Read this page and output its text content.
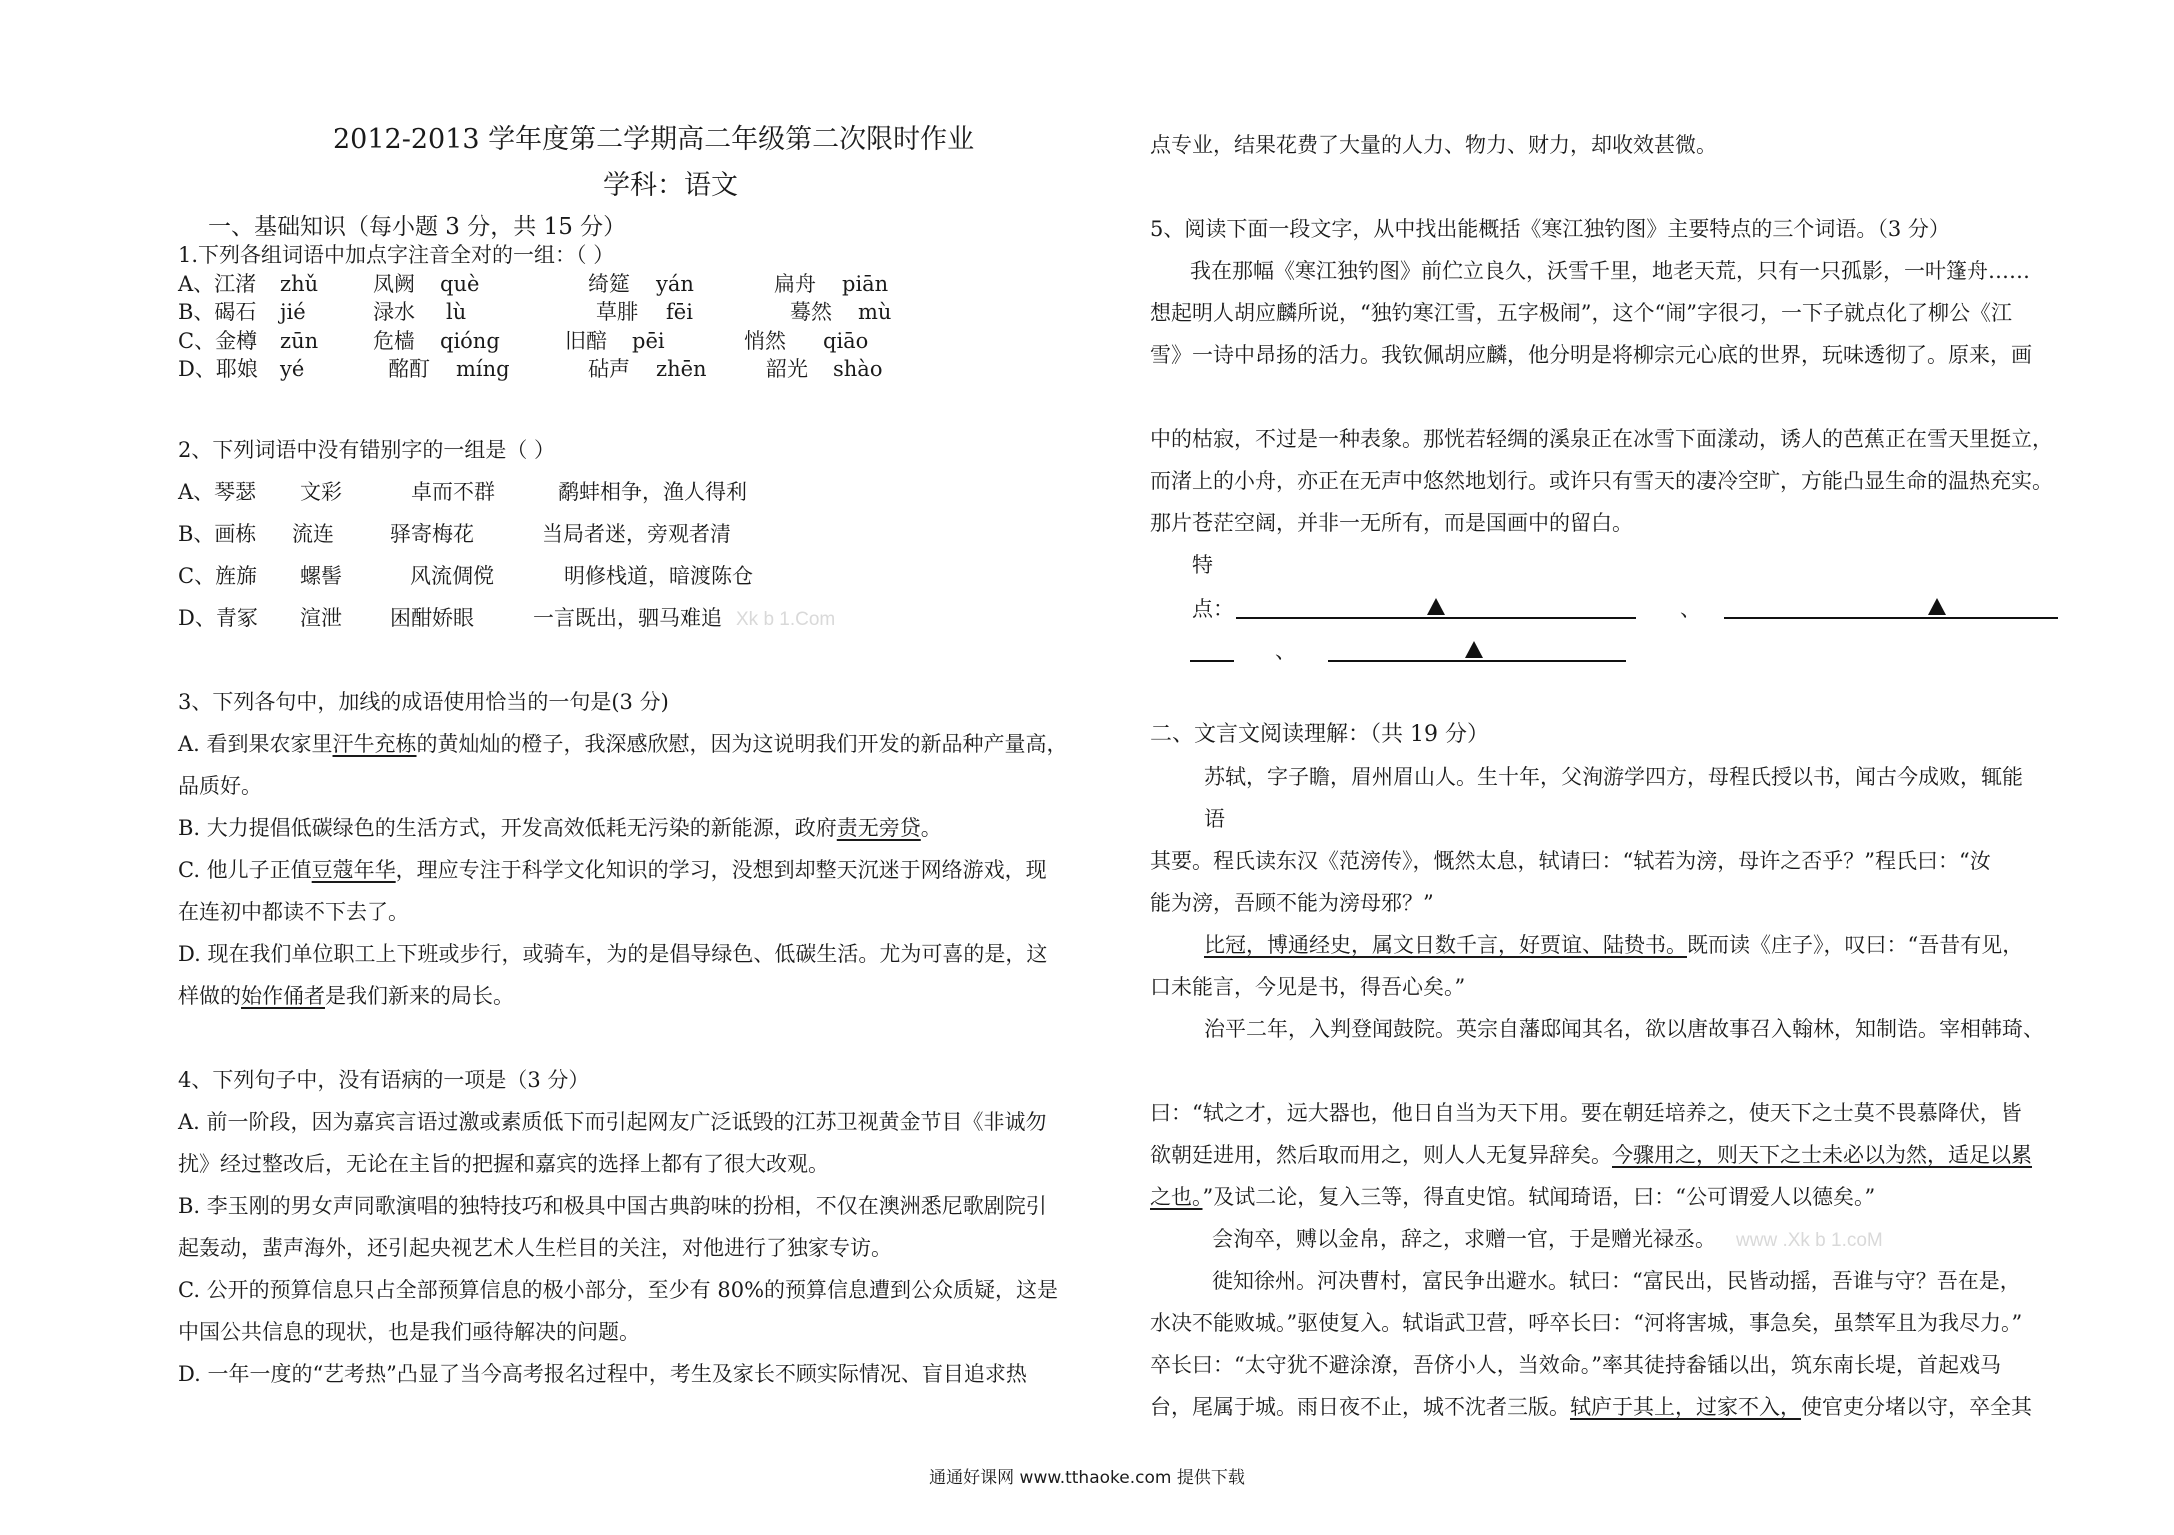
2012-2013 学年度第二学期高二年级第二次限时作业
学科：语文
一、基础知识（每小题 3 分，共 15 分）
1.下列各组词语中加点字注音全对的一组：（ ）
A、江渚 zhǔ	凤阙 què	绮筵 yán	扁舟 piān
B、碣石 jié	渌水 lù	草腓 fēi	蓦然 mù
C、金樽 zūn	危樯 qióng	旧醅 pēi	悄然 qiāo
D、耶娘 yé	酩酊 míng	砧声 zhēn	韶光 shào
2、下列词语中没有错别字的一组是（ ）
A、琴瑟 文彩	卓而不群	鹬蚌相争，渔人得利
B、画栋 流连	驿寄梅花	当局者迷，旁观者清
C、旌旆 螺髻	风流倜傥	明修栈道，暗渡陈仓
D、青冢 渲泄 困酣娇眼	一言既出，驷马难追 Xk b 1.Com
3、下列各句中，加线的成语使用恰当的一句是(3 分)
A. 看到果农家里汗牛充栋的黄灿灿的橙子，我深感欣慰，因为这说明我们开发的新品种产量高，
品质好。
B. 大力提倡低碳绿色的生活方式，开发高效低耗无污染的新能源，政府责无旁贷。
C. 他儿子正值豆蔻年华，理应专注于科学文化知识的学习，没想到却整天沉迷于网络游戏，现
在连初中都读不下去了。
D. 现在我们单位职工上下班或步行，或骑车，为的是倡导绿色、低碳生活。尤为可喜的是，这
样做的始作俑者是我们新来的局长。
4、下列句子中，没有语病的一项是（3 分）
A. 前一阶段，因为嘉宾言语过激或素质低下而引起网友广泛诋毁的江苏卫视黄金节目《非诚勿
扰》经过整改后，无论在主旨的把握和嘉宾的选择上都有了很大改观。
B. 李玉刚的男女声同歌演唱的独特技巧和极具中国古典韵味的扮相，不仅在澳洲悉尼歌剧院引
起轰动，蜚声海外，还引起央视艺术人生栏目的关注，对他进行了独家专访。
C. 公开的预算信息只占全部预算信息的极小部分，至少有 80%的预算信息遭到公众质疑，这是
中国公共信息的现状，也是我们亟待解决的问题。
D. 一年一度的“艺考热”凸显了当今高考报名过程中，考生及家长不顾实际情况、盲目追求热
点专业，结果花费了大量的人力、物力、财力，却收效甚微。
5、阅读下面一段文字，从中找出能概括《寒江独钓图》主要特点的三个词语。（3 分）
我在那幅《寒江独钓图》前伫立良久，沃雪千里，地老天荒，只有一只孤影，一叶篷舟……
想起明人胡应麟所说，“独钓寒江雪，五字极闹”，这个“闹”字很刁，一下子就点化了柳公《江
雪》一诗中昂扬的活力。我钦佩胡应麟，他分明是将柳宗元心底的世界，玩味透彻了。原来，画
中的枯寂，不过是一种表象。那恍若轻绸的溪泉正在冰雪下面漾动，诱人的芭蕉正在雪天里挺立，
而渚上的小舟，亦正在无声中悠然地划行。或许只有雪天的凄冷空旷，方能凸显生命的温热充实。
那片苍茫空阔，并非一无所有，而是国画中的留白。
特
点：	、
、
二、文言文阅读理解：（共 19 分）
苏轼，字子瞻，眉州眉山人。生十年，父洵游学四方，母程氏授以书，闻古今成败，辄能
语
其要。程氏读东汉《范滂传》，慨然太息，轼请曰：“轼若为滂，母许之否乎？”程氏曰：“汝
能为滂，吾顾不能为滂母邪？”
比冠，博通经史，属文日数千言，好贾谊、陆贽书。既而读《庄子》，叹曰：“吾昔有见，
口未能言，今见是书，得吾心矣。”
治平二年，入判登闻鼓院。英宗自藩邸闻其名，欲以唐故事召入翰林，知制诰。宰相韩琦、
曰：“轼之才，远大器也，他日自当为天下用。要在朝廷培养之，使天下之士莫不畏慕降伏，皆
欲朝廷进用，然后取而用之，则人人无复异辞矣。今骤用之，则天下之士未必以为然，适足以累
之也。”及试二论，复入三等，得直史馆。轼闻琦语，曰：“公可谓爱人以德矣。”
会洵卒，赙以金帛，辞之，求赠一官，于是赠光禄丞。 www .Xk b 1.coM
徙知徐州。河决曹村，富民争出避水。轼曰：“富民出，民皆动摇，吾谁与守？吾在是，
水决不能败城。”驱使复入。轼诣武卫营，呼卒长曰：“河将害城，事急矣，虽禁军且为我尽力。”
卒长曰：“太守犹不避涂潦，吾侪小人，当效命。”率其徒持畚锸以出，筑东南长堤，首起戏马
台，尾属于城。雨日夜不止，城不沈者三版。轼庐于其上，过家不入，使官吏分堵以守，卒全其
通通好课网 www.tthaoke.com 提供下载
